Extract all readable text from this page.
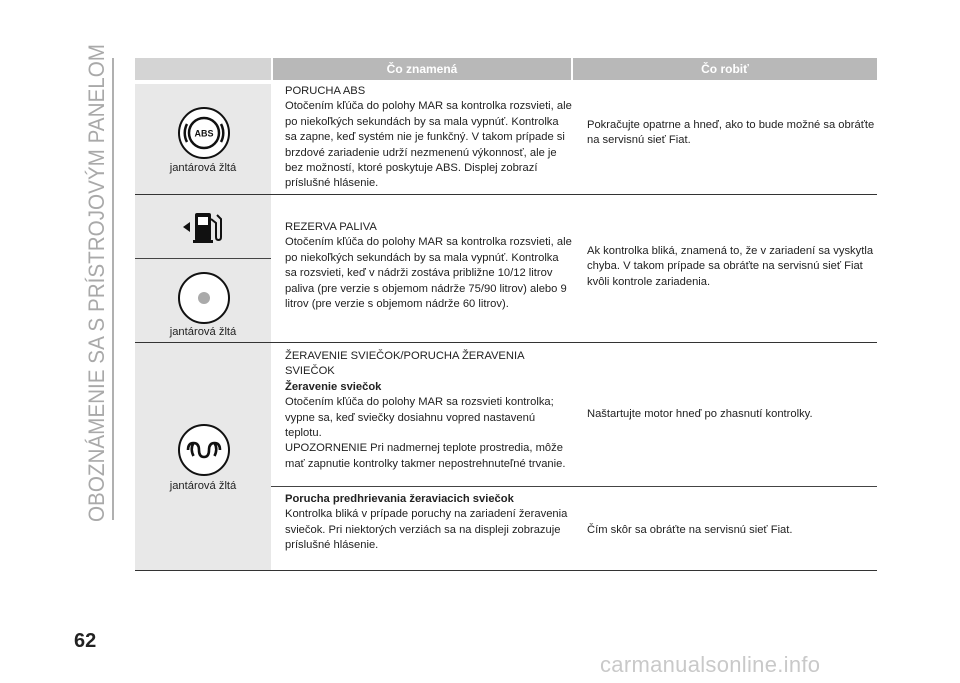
OBOZNÁMENIE SA S PRÍSTROJOVÝM PANELOM	Čo znamená	Čo robiť
ABS
jantárová žltá
PORUCHA ABS
Otočením kľúča do polohy MAR sa kontrolka rozsvieti, ale po niekoľkých sekundách by sa mala vypnúť. Kontrolka sa zapne, keď systém nie je funkčný. V takom prípade si brzdové zariadenie udrží nezmenenú výkonnosť, ale je bez možností, ktoré poskytuje ABS. Displej zobrazí príslušné hlásenie.
Pokračujte opatrne a hneď, ako to bude možné sa obráťte na servisnú sieť Fiat.
jantárová žltá
REZERVA PALIVA
Otočením kľúča do polohy MAR sa kontrolka rozsvieti, ale po niekoľkých sekundách by sa mala vypnúť. Kontrolka sa rozsvieti, keď v nádrži zostáva približne 10/12 litrov paliva (pre verzie s objemom nádrže 75/90 litrov) alebo 9 litrov (pre verzie s objemom nádrže 60 litrov).
Ak kontrolka bliká, znamená to, že v zariadení sa vyskytla chyba. V takom prípade sa obráťte na servisnú sieť Fiat kvôli kontrole zariadenia.
jantárová žltá
ŽERAVENIE SVIEČOK/PORUCHA ŽERAVENIA SVIEČOK
Žeravenie sviečok
Otočením kľúča do polohy MAR sa rozsvieti kontrolka; vypne sa, keď sviečky dosiahnu vopred nastavenú teplotu.
UPOZORNENIE Pri nadmernej teplote prostredia, môže mať zapnutie kontrolky takmer nepostrehnuteľné trvanie.
Naštartujte motor hneď po zhasnutí kontrolky.
Porucha predhrievania žeraviacich sviečok
Kontrolka bliká v prípade poruchy na zariadení žeravenia sviečok. Pri niektorých verziách sa na displeji zobrazuje príslušné hlásenie.
Čím skôr sa obráťte na servisnú sieť Fiat.
62
carmanualsonline.info
